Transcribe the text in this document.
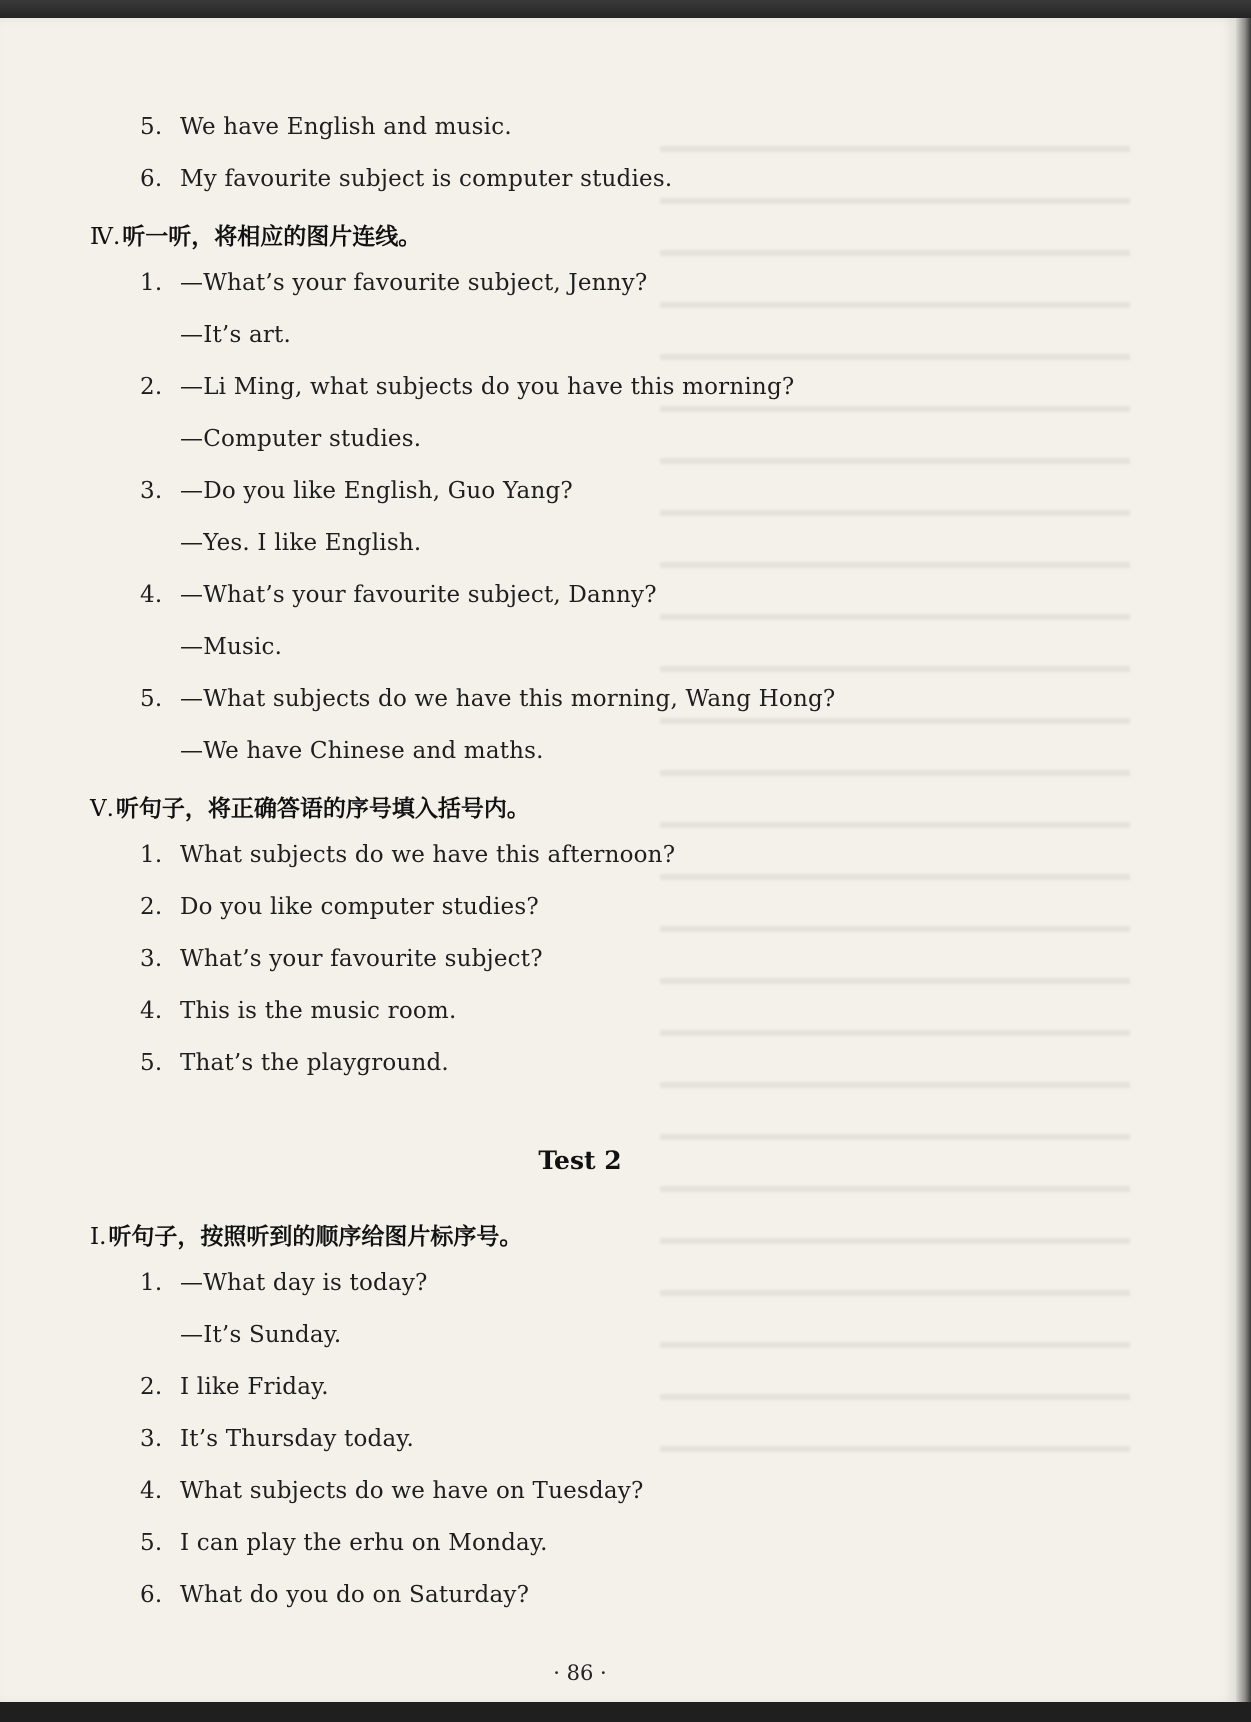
5. We have English and music.
6. My favourite subject is computer studies.
Ⅳ.听一听，将相应的图片连线。
1. —What’s your favourite subject, Jenny?
—It’s art.
2. —Li Ming, what subjects do you have this morning?
—Computer studies.
3. —Do you like English, Guo Yang?
—Yes. I like English.
4. —What’s your favourite subject, Danny?
—Music.
5. —What subjects do we have this morning, Wang Hong?
—We have Chinese and maths.
Ⅴ.听句子，将正确答语的序号填入括号内。
1. What subjects do we have this afternoon?
2. Do you like computer studies?
3. What’s your favourite subject?
4. This is the music room.
5. That’s the playground.
Test 2
Ⅰ.听句子，按照听到的顺序给图片标序号。
1. —What day is today?
—It’s Sunday.
2. I like Friday.
3. It’s Thursday today.
4. What subjects do we have on Tuesday?
5. I can play the erhu on Monday.
6. What do you do on Saturday?
· 86 ·
